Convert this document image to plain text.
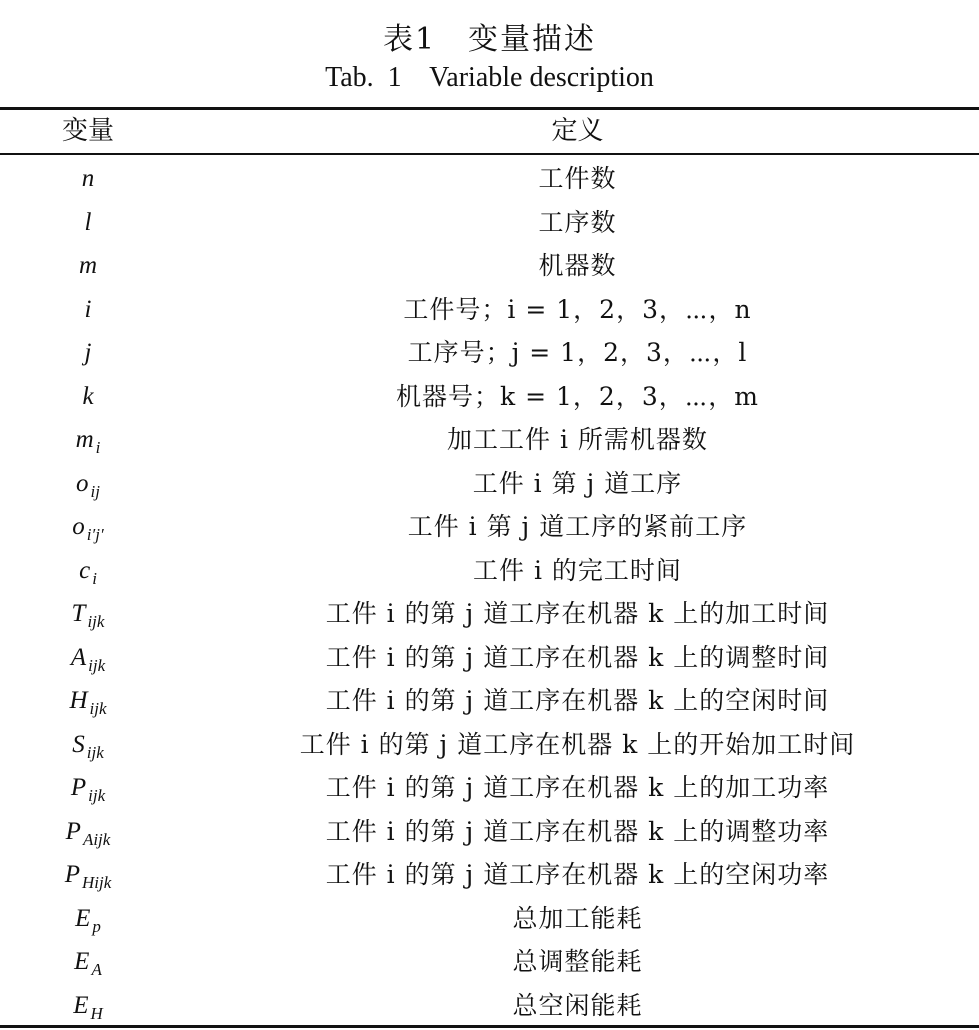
表1　变量描述
Tab.  1    Variable description
变量	定义
n	工件数
l	工序数
m	机器数
i	工件号；i = 1，2，3，⋯，n
j	工序号；j = 1，2，3，⋯，l
k	机器号；k = 1，2，3，⋯，m
m $_i$	加工工件 i 所需机器数
o $_{ij}$	工件 i 第 j 道工序
o $_{i'j'}$	工件 i 第 j 道工序的紧前工序
c $_i$	工件 i 的完工时间
T $_{ijk}$	工件 i 的第 j 道工序在机器 k 上的加工时间
A $_{ijk}$	工件 i 的第 j 道工序在机器 k 上的调整时间
H $_{ijk}$	工件 i 的第 j 道工序在机器 k 上的空闲时间
S $_{ijk}$	工件 i 的第 j 道工序在机器 k 上的开始加工时间
P $_{ijk}$	工件 i 的第 j 道工序在机器 k 上的加工功率
P $_{Aijk}$	工件 i 的第 j 道工序在机器 k 上的调整功率
P $_{Hijk}$	工件 i 的第 j 道工序在机器 k 上的空闲功率
E $_p$	总加工能耗
E $_A$	总调整能耗
E $_H$	总空闲能耗
